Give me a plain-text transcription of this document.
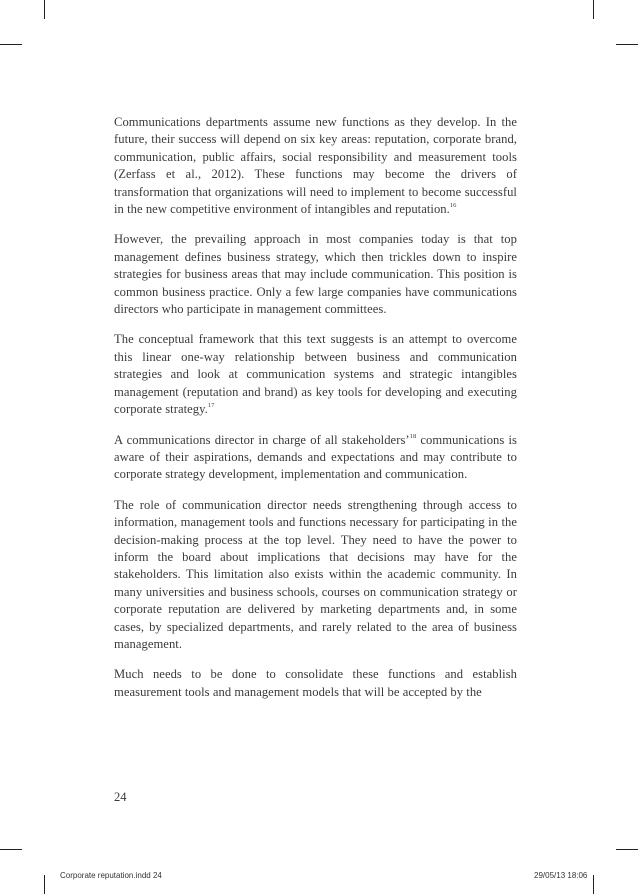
Communications departments assume new functions as they develop. In the future, their success will depend on six key areas: reputation, corporate brand, communication, public affairs, social responsibility and measurement tools (Zerfass et al., 2012). These functions may become the drivers of transformation that organizations will need to implement to become successful in the new competitive environment of intangibles and reputation.$^{16}$

However, the prevailing approach in most companies today is that top management defines business strategy, which then trickles down to inspire strategies for business areas that may include communication. This position is common business practice. Only a few large companies have communications directors who participate in management committees.

The conceptual framework that this text suggests is an attempt to overcome this linear one-way relationship between business and communication strategies and look at communication systems and strategic intangibles management (reputation and brand) as key tools for developing and executing corporate strategy.$^{17}$

A communications director in charge of all stakeholders’$^{18}$ communications is aware of their aspirations, demands and expectations and may contribute to corporate strategy development, implementation and communication.

The role of communication director needs strengthening through access to information, management tools and functions necessary for participating in the decision-making process at the top level. They need to have the power to inform the board about implications that decisions may have for the stakeholders. This limitation also exists within the academic community. In many universities and business schools, courses on communication strategy or corporate reputation are delivered by marketing departments and, in some cases, by specialized departments, and rarely related to the area of business management.

Much needs to be done to consolidate these functions and establish measurement tools and management models that will be accepted by the

24
Corporate reputation.indd 24	29/05/13 18:06
